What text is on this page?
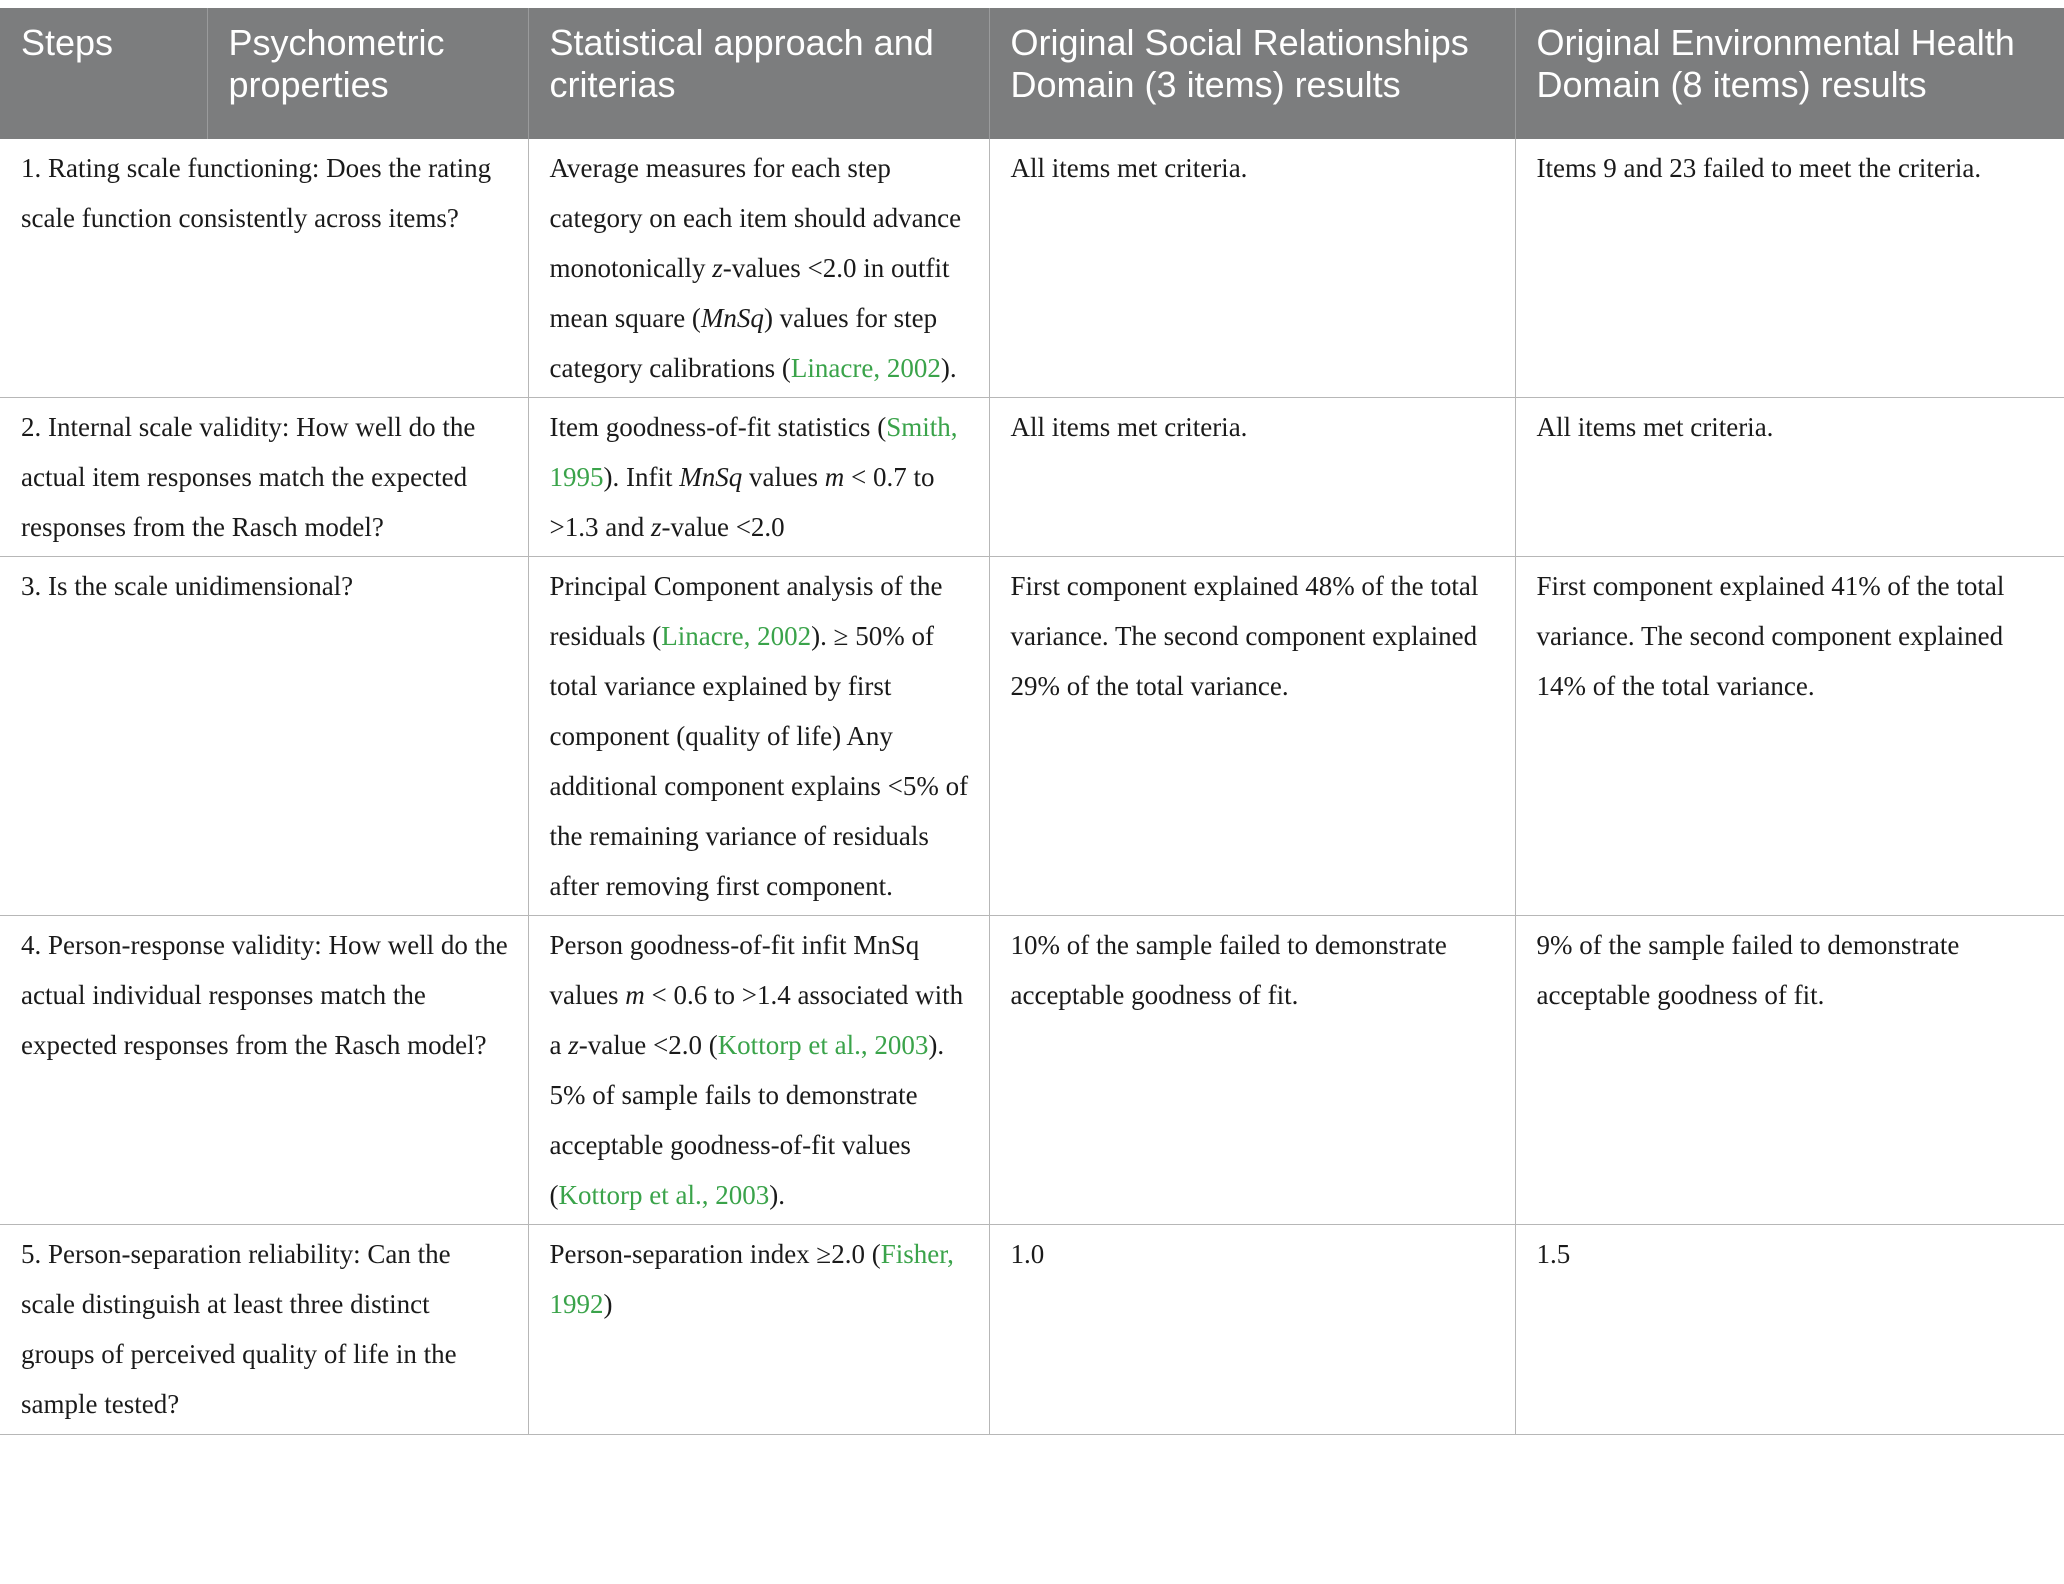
Steps	Psychometric properties	Statistical approach and criterias	Original Social Relationships Domain (3 items) results	Original Environmental Health Domain (8 items) results
1. Rating scale functioning: Does the rating scale function consistently across items?		Average measures for each step category on each item should advance monotonically z-values <2.0 in outfit mean square (MnSq) values for step category calibrations (Linacre, 2002).	All items met criteria.	Items 9 and 23 failed to meet the criteria.
2. Internal scale validity: How well do the actual item responses match the expected responses from the Rasch model?		Item goodness-of-fit statistics (Smith, 1995). Infit MnSq values m < 0.7 to >1.3 and z-value <2.0	All items met criteria.	All items met criteria.
3. Is the scale unidimensional?		Principal Component analysis of the residuals (Linacre, 2002). ≥ 50% of total variance explained by first component (quality of life) Any additional component explains <5% of the remaining variance of residuals after removing first component.	First component explained 48% of the total variance. The second component explained 29% of the total variance.	First component explained 41% of the total variance. The second component explained 14% of the total variance.
4. Person-response validity: How well do the actual individual responses match the expected responses from the Rasch model?		Person goodness-of-fit infit MnSq values m < 0.6 to >1.4 associated with a z-value <2.0 (Kottorp et al., 2003). 5% of sample fails to demonstrate acceptable goodness-of-fit values (Kottorp et al., 2003).	10% of the sample failed to demonstrate acceptable goodness of fit.	9% of the sample failed to demonstrate acceptable goodness of fit.
5. Person-separation reliability: Can the scale distinguish at least three distinct groups of perceived quality of life in the sample tested?		Person-separation index ≥2.0 (Fisher, 1992)	1.0	1.5
